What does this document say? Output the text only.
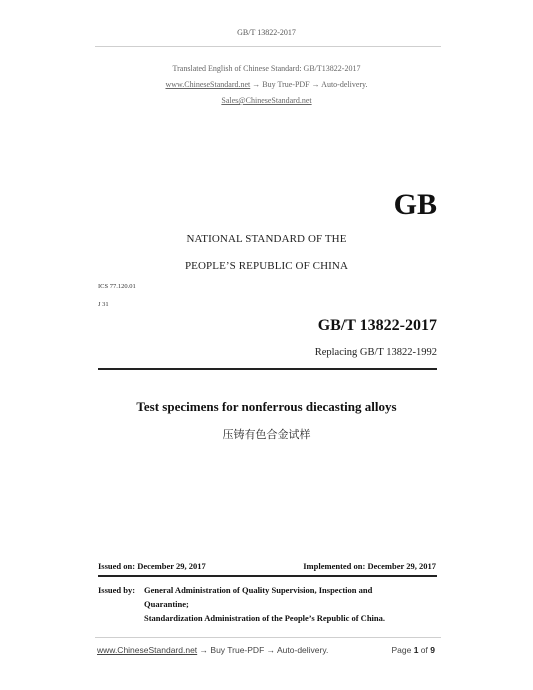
GB/T 13822-2017
Translated English of Chinese Standard: GB/T13822-2017
www.ChineseStandard.net → Buy True-PDF → Auto-delivery.
Sales@ChineseStandard.net
GB
NATIONAL STANDARD OF THE
PEOPLE’S REPUBLIC OF CHINA
ICS 77.120.01
J 31
GB/T 13822-2017
Replacing GB/T 13822-1992
Test specimens for nonferrous diecasting alloys
压铸有色合金试样
Issued on: December 29, 2017	Implemented on: December 29, 2017
Issued by: General Administration of Quality Supervision, Inspection and
Quarantine;
Standardization Administration of the People’s Republic of China.
www.ChineseStandard.net → Buy True-PDF → Auto-delivery.	Page 1 of 9
